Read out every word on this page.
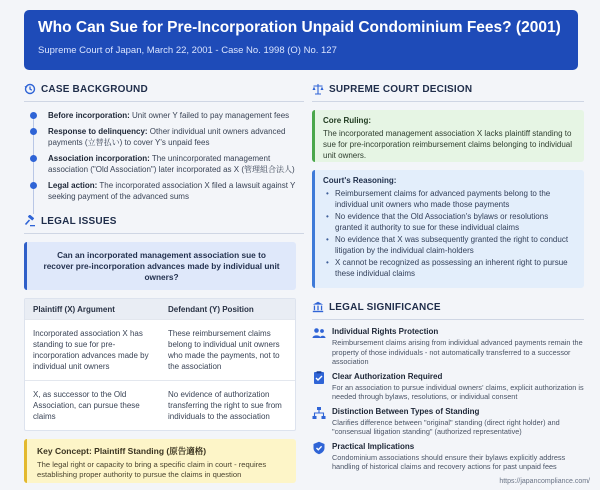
Who Can Sue for Pre-Incorporation Unpaid Condominium Fees? (2001)
Supreme Court of Japan, March 22, 2001 - Case No. 1998 (O) No. 127
CASE BACKGROUND
Before incorporation: Unit owner Y failed to pay management fees
Response to delinquency: Other individual unit owners advanced payments (立替払い) to cover Y's unpaid fees
Association incorporation: The unincorporated management association ("Old Association") later incorporated as X (管理組合法人)
Legal action: The incorporated association X filed a lawsuit against Y seeking payment of the advanced sums
LEGAL ISSUES
Can an incorporated management association sue to recover pre-incorporation advances made by individual unit owners?
Plaintiff (X) Argument	Defendant (Y) Position
Incorporated association X has standing to sue for pre-incorporation advances made by individual unit owners
These reimbursement claims belong to individual unit owners who made the payments, not to the association
X, as successor to the Old Association, can pursue these claims
No evidence of authorization transferring the right to sue from individuals to the association
Key Concept: Plaintiff Standing (原告適格)
The legal right or capacity to bring a specific claim in court - requires establishing proper authority to pursue the claims in question
SUPREME COURT DECISION
Core Ruling:
The incorporated management association X lacks plaintiff standing to sue for pre-incorporation reimbursement claims belonging to individual unit owners.
Court's Reasoning:
• Reimbursement claims for advanced payments belong to the individual unit owners who made those payments
• No evidence that the Old Association's bylaws or resolutions granted it authority to sue for these individual claims
• No evidence that X was subsequently granted the right to conduct litigation by the individual claim-holders
• X cannot be recognized as possessing an inherent right to pursue these individual claims
LEGAL SIGNIFICANCE
Individual Rights Protection
Reimbursement claims arising from individual advanced payments remain the property of those individuals - not automatically transferred to a successor association
Clear Authorization Required
For an association to pursue individual owners' claims, explicit authorization is needed through bylaws, resolutions, or individual consent
Distinction Between Types of Standing
Clarifies difference between "original" standing (direct right holder) and "consensual litigation standing" (authorized representative)
Practical Implications
Condominium associations should ensure their bylaws explicitly address handling of historical claims and recovery actions for past unpaid fees
https://japancompliance.com/
